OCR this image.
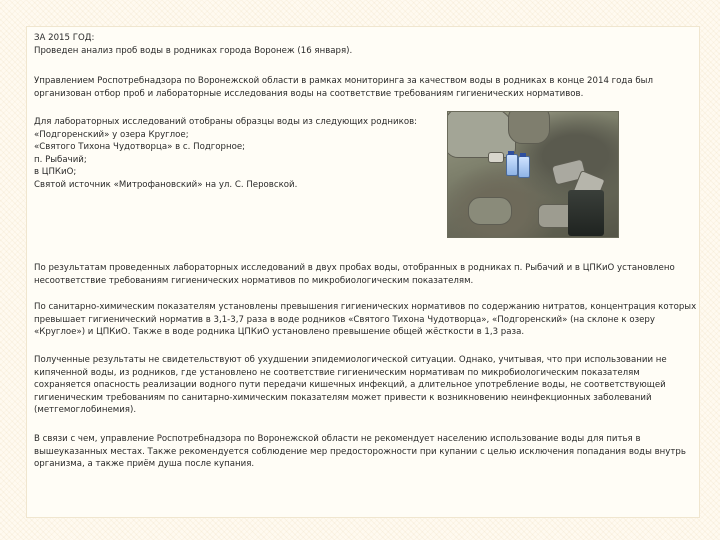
ЗА 2015 ГОД:
Проведен анализ проб воды в родниках города Воронеж (16 января).
Управлением Роспотребнадзора по Воронежской области в рамках мониторинга за качеством воды в родниках в конце 2014 года был организован отбор проб и лабораторные исследования воды на соответствие требованиям гигиенических нормативов.
Для лабораторных исследований отобраны образцы воды из следующих родников:
«Подгоренский» у озера Круглое;
«Святого Тихона Чудотворца» в с. Подгорное;
п. Рыбачий;
в ЦПКиО;
Святой источник «Митрофановский» на ул. С. Перовской.
По результатам проведенных лабораторных исследований в двух пробах воды, отобранных в родниках п. Рыбачий и в ЦПКиО установлено несоответствие требованиям гигиенических нормативов по микробиологическим показателям.
По санитарно-химическим показателям установлены превышения гигиенических нормативов по содержанию нитратов, концентрация которых превышает гигиенический норматив в 3,1-3,7 раза в воде родников «Святого Тихона Чудотворца», «Подгоренский» (на склоне к озеру «Круглое») и ЦПКиО. Также в воде родника ЦПКиО установлено превышение общей жёсткости в 1,3 раза.
Полученные результаты не свидетельствуют об ухудшении эпидемиологической ситуации. Однако, учитывая, что при использовании не кипяченной воды, из родников, где установлено не соответствие гигиеническим нормативам по микробиологическим показателям сохраняется опасность реализации водного пути передачи кишечных инфекций, а длительное употребление воды, не соответствующей гигиеническим требованиям по санитарно-химическим показателям может привести к возникновению неинфекционных заболеваний (метгемоглобинемия).
В связи с чем, управление Роспотребнадзора по Воронежской области не рекомендует населению использование воды для питья в вышеуказанных местах. Также рекомендуется соблюдение мер предосторожности при купании с целью исключения попадания воды внутрь организма, а также приём душа после купания.
